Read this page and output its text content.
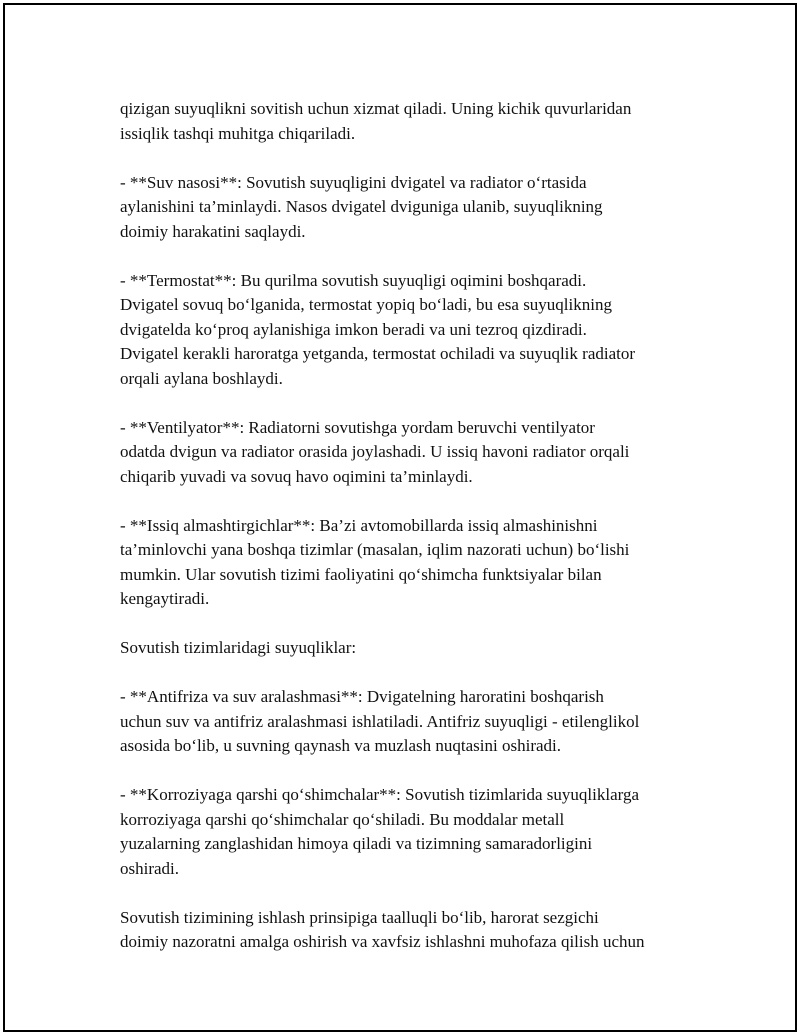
qizigan suyuqlikni sovitish uchun xizmat qiladi. Uning kichik quvurlaridan
issiqlik tashqi muhitga chiqariladi.

- **Suv nasosi**: Sovutish suyuqligini dvigatel va radiator o‘rtasida
aylanishini ta’minlaydi. Nasos dvigatel dviguniga ulanib, suyuqlikning
doimiy harakatini saqlaydi.

- **Termostat**: Bu qurilma sovutish suyuqligi oqimini boshqaradi.
Dvigatel sovuq bo‘lganida, termostat yopiq bo‘ladi, bu esa suyuqlikning
dvigatelda ko‘proq aylanishiga imkon beradi va uni tezroq qizdiradi.
Dvigatel kerakli haroratga yetganda, termostat ochiladi va suyuqlik radiator
orqali aylana boshlaydi.

- **Ventilyator**: Radiatorni sovutishga yordam beruvchi ventilyator
odatda dvigun va radiator orasida joylashadi. U issiq havoni radiator orqali
chiqarib yuvadi va sovuq havo oqimini ta’minlaydi.

- **Issiq almashtirgichlar**: Ba’zi avtomobillarda issiq almashinishni
ta’minlovchi yana boshqa tizimlar (masalan, iqlim nazorati uchun) bo‘lishi
mumkin. Ular sovutish tizimi faoliyatini qo‘shimcha funktsiyalar bilan
kengaytiradi.

Sovutish tizimlaridagi suyuqliklar:

- **Antifriza va suv aralashmasi**: Dvigatelning haroratini boshqarish
uchun suv va antifriz aralashmasi ishlatiladi. Antifriz suyuqligi - etilenglikol
asosida bo‘lib, u suvning qaynash va muzlash nuqtasini oshiradi.

- **Korroziyaga qarshi qo‘shimchalar**: Sovutish tizimlarida suyuqliklarga
korroziyaga qarshi qo‘shimchalar qo‘shiladi. Bu moddalar metall
yuzalarning zanglashidan himoya qiladi va tizimning samaradorligini
oshiradi.

Sovutish tizimining ishlash prinsipiga taalluqli bo‘lib, harorat sezgichi
doimiy nazoratni amalga oshirish va xavfsiz ishlashni muhofaza qilish uchun
